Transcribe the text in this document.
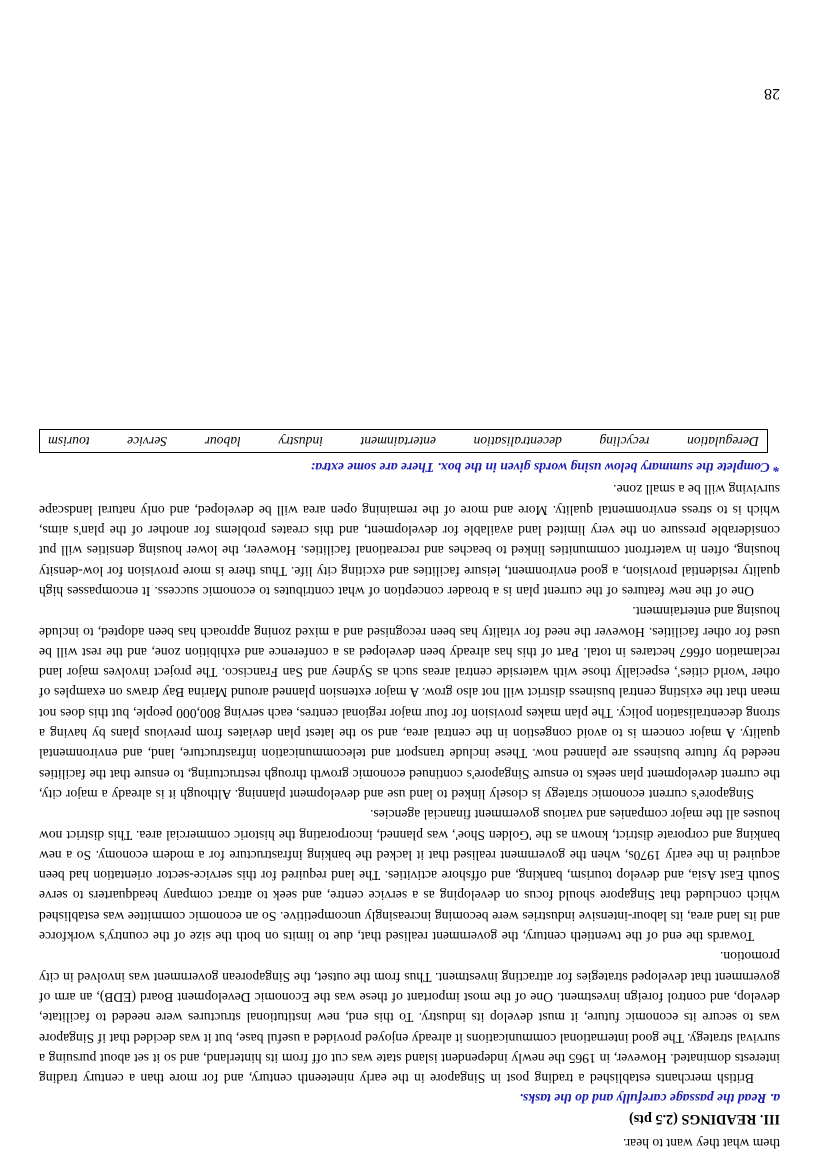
them what they want to hear.

III. READINGS (2.5 pts)

a. Read the passage carefully and do the tasks.

British merchants established a trading post in Singapore in the early nineteenth century, and for more than a century trading interests dominated. However, in 1965 the newly independent island state was cut off from its hinterland, and so it set about pursuing a survival strategy. The good international communications it already enjoyed provided a useful base, but it was decided that if Singapore was to secure its economic future, it must develop its industry. To this end, new institutional structures were needed to facilitate, develop, and control foreign investment. One of the most important of these was the Economic Development Board (EDB), an arm of government that developed strategies for attracting investment. Thus from the outset, the Singaporean government was involved in city promotion.

Towards the end of the twentieth century, the government realised that, due to limits on both the size of the country's workforce and its land area, its labour-intensive industries were becoming increasingly uncompetitive. So an economic committee was established which concluded that Singapore should focus on developing as a service centre, and seek to attract company headquarters to serve South East Asia, and develop tourism, banking, and offshore activities. The land required for this service-sector orientation had been acquired in the early 1970s, when the government realised that it lacked the banking infrastructure for a modern economy. So a new banking and corporate district, known as the 'Golden Shoe', was planned, incorporating the historic commercial area. This district now houses all the major companies and various government financial agencies.

Singapore's current economic strategy is closely linked to land use and development planning. Although it is already a major city, the current development plan seeks to ensure Singapore's continued economic growth through restructuring, to ensure that the facilities needed by future business are planned now. These include transport and telecommunication infrastructure, land, and environmental quality. A major concern is to avoid congestion in the central area, and so the latest plan deviates from previous plans by having a strong decentralisation policy. The plan makes provision for four major regional centres, each serving 800,000 people, but this does not mean that the existing central business district will not also grow. A major extension planned around Marina Bay draws on examples of other 'world cities', especially those with waterside central areas such as Sydney and San Francisco. The project involves major land reclamation of667 hectares in total. Part of this has already been developed as a conference and exhibition zone, and the rest will be used for other facilities. However the need for vitality has been recognised and a mixed zoning approach has been adopted, to include housing and entertainment.

One of the new features of the current plan is a broader conception of what contributes to economic success. It encompasses high quality residential provision, a good environment, leisure facilities and exciting city life. Thus there is more provision for low-density housing, often in waterfront communities linked to beaches and recreational facilities. However, the lower housing densities will put considerable pressure on the very limited land available for development, and this creates problems for another of the plan's aims, which is to stress environmental quality. More and more of the remaining open area will be developed, and only natural landscape surviving will be a small zone.

* Complete the summary below using words given in the box. There are some extra:

Deregulation
recycling
decentralisation
entertainment
industry
labour
Service
tourism
28
